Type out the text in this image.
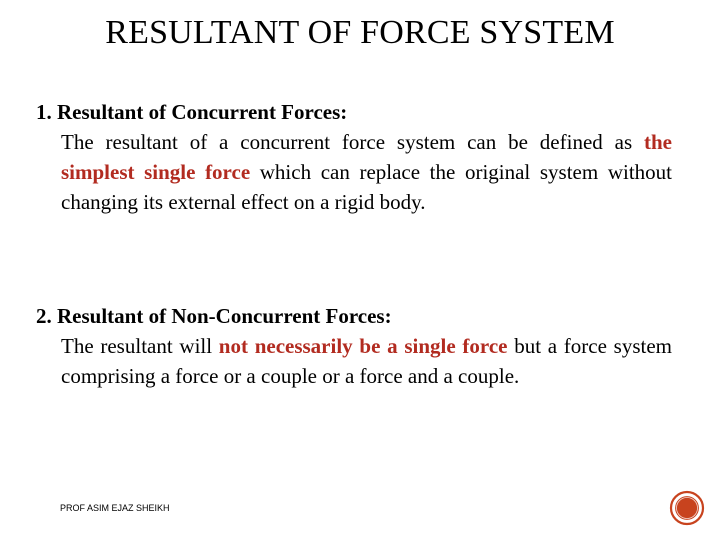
RESULTANT OF FORCE SYSTEM
1. Resultant of Concurrent Forces:
The resultant of a concurrent force system can be defined as the simplest single force which can replace the original system without changing its external effect on a rigid body.
2. Resultant of Non-Concurrent Forces:
The resultant will not necessarily be a single force but a force system comprising a force or a couple or a force and a couple.
PROF ASIM EJAZ SHEIKH
